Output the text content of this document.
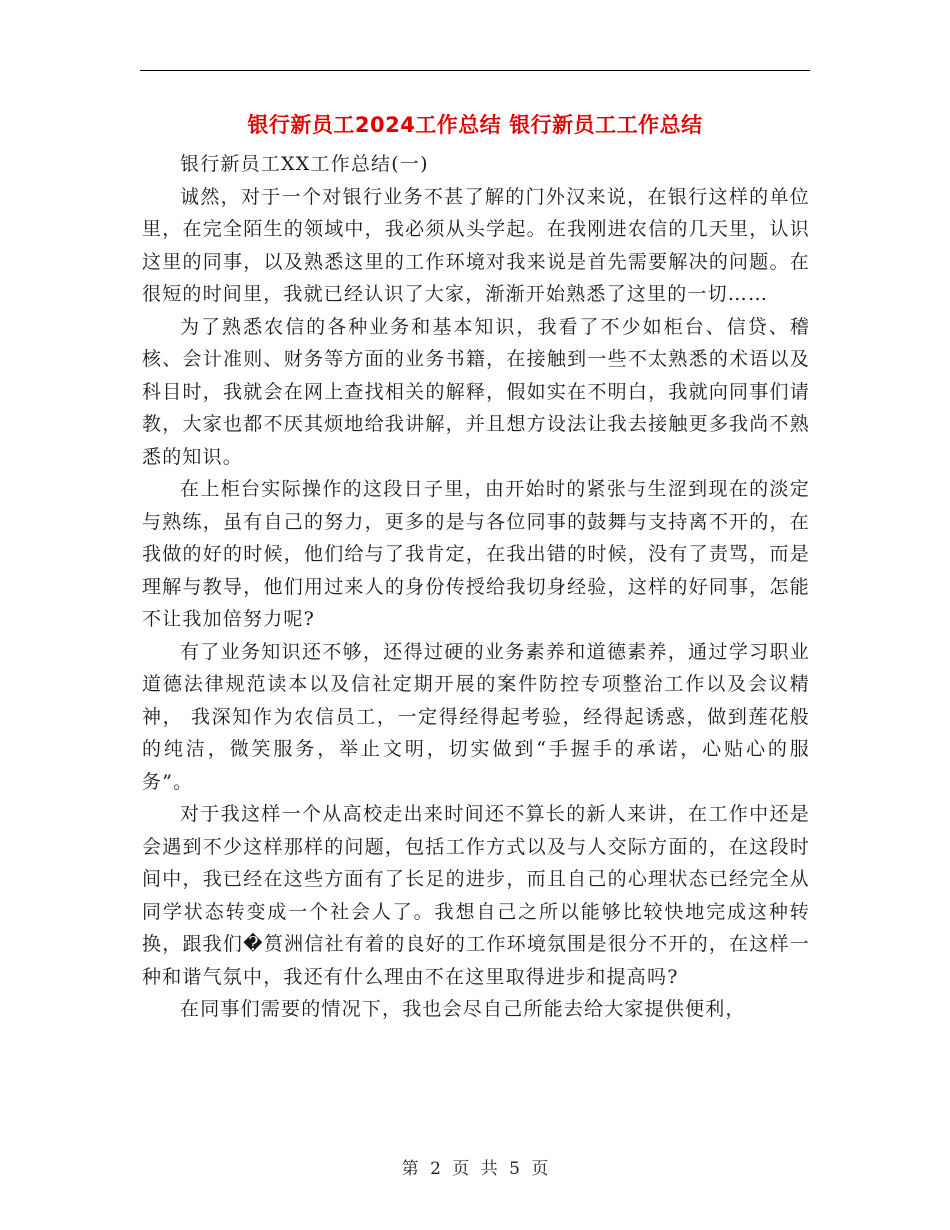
银行新员工2024工作总结 银行新员工工作总结

银行新员工XX工作总结(一)

诚然，对于一个对银行业务不甚了解的门外汉来说，在银行这样的单位里，在完全陌生的领域中，我必须从头学起。在我刚进农信的几天里，认识这里的同事，以及熟悉这里的工作环境对我来说是首先需要解决的问题。在很短的时间里，我就已经认识了大家，渐渐开始熟悉了这里的一切……

为了熟悉农信的各种业务和基本知识，我看了不少如柜台、信贷、稽核、会计准则、财务等方面的业务书籍，在接触到一些不太熟悉的术语以及科目时，我就会在网上查找相关的解释，假如实在不明白，我就向同事们请教，大家也都不厌其烦地给我讲解，并且想方设法让我去接触更多我尚不熟悉的知识。

在上柜台实际操作的这段日子里，由开始时的紧张与生涩到现在的淡定与熟练，虽有自己的努力，更多的是与各位同事的鼓舞与支持离不开的，在我做的好的时候，他们给与了我肯定，在我出错的时候，没有了责骂，而是理解与教导，他们用过来人的身份传授给我切身经验，这样的好同事，怎能不让我加倍努力呢?

有了业务知识还不够，还得过硬的业务素养和道德素养，通过学习职业道德法律规范读本以及信社定期开展的案件防控专项整治工作以及会议精神， 我深知作为农信员工，一定得经得起考验，经得起诱惑，做到莲花般的纯洁，微笑服务，举止文明，切实做到“手握手的承诺，心贴心的服务”。

对于我这样一个从高校走出来时间还不算长的新人来讲，在工作中还是会遇到不少这样那样的问题，包括工作方式以及与人交际方面的，在这段时间中，我已经在这些方面有了长足的进步，而且自己的心理状态已经完全从同学状态转变成一个社会人了。我想自己之所以能够比较快地完成这种转换，跟我们�筼洲信社有着的良好的工作环境氛围是很分不开的，在这样一种和谐气氛中，我还有什么理由不在这里取得进步和提高吗?

在同事们需要的情况下，我也会尽自己所能去给大家提供便利，

第 2 页 共 5 页
